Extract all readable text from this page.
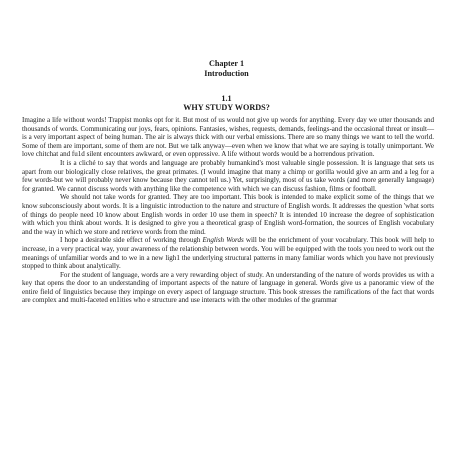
Chapter 1
Introduction
1.1
WHY STUDY WORDS?

Imagine a life without words! Trappist monks opt for it. But most of us would not give up words for anything. Every day we utter thousands and thousands of words. Communicating our joys, fears, opinions. Fantasies, wishes, requests, demands, feelings-and the occasional threat or insult—is a very important aspect of being human. The air is always thick with our verbal emissions. There are so many things we want to tell the world. Some of them are important, some of them are not. But we talk anyway—even when we know that what we are saying is totally unimportant. We love chitchat and fu1d silent encounters awkward, or even oppressive. A life without words would be a horrendous privation.

It is a cliché to say that words and language are probably humankind's most valuable single possession. It is language that sets us apart from our biologically close relatives, the great primates. (I would imagine that many a chimp or gorilla would give an arm and a leg for a few words-but we will probably never know because they cannot tell us.) Yet, surprisingly, most of us take words (and more generally language) for granted. We cannot discuss words with anything like the competence with which we can discuss fashion, films or football.

We should not take words for granted. They are too important. This book is intended to make explicit some of the things that we know subconsciously about words. It is a linguistic introduction to the nature and structure of English words. It addresses the question 'what sorts of things do people need 10 know about English words in order 10 use them in speech? It is intended 10 increase the degree of sophistication with which you think about words. It is designed to give you a theoretical grasp of English word-formation, the sources of English vocabulary and the way in which we store and retrieve words from the mind.

I hope a desirable side effect of working through English Words will be the enrichment of your vocabulary. This book will help to increase, in a very practical way, your awareness of the relationship between words. You will be equipped with the tools you need to work out the meanings of unfamiliar words and to we in a new ligh1 the underlying structural patterns in many familiar words which you have not previously stopped to think about analytically.

For the student of language, words are a very rewarding object of study. An understanding of the nature of words provides us with a key that opens the door to an understanding of important aspects of the nature of language in general. Words give us a panoramic view of the entire field of linguistics because they impinge on every aspect of language structure. This book stresses the ramifications of the fact that words are complex and multi-faceted en1ities who e structure and use interacts with the other modules of the grammar
